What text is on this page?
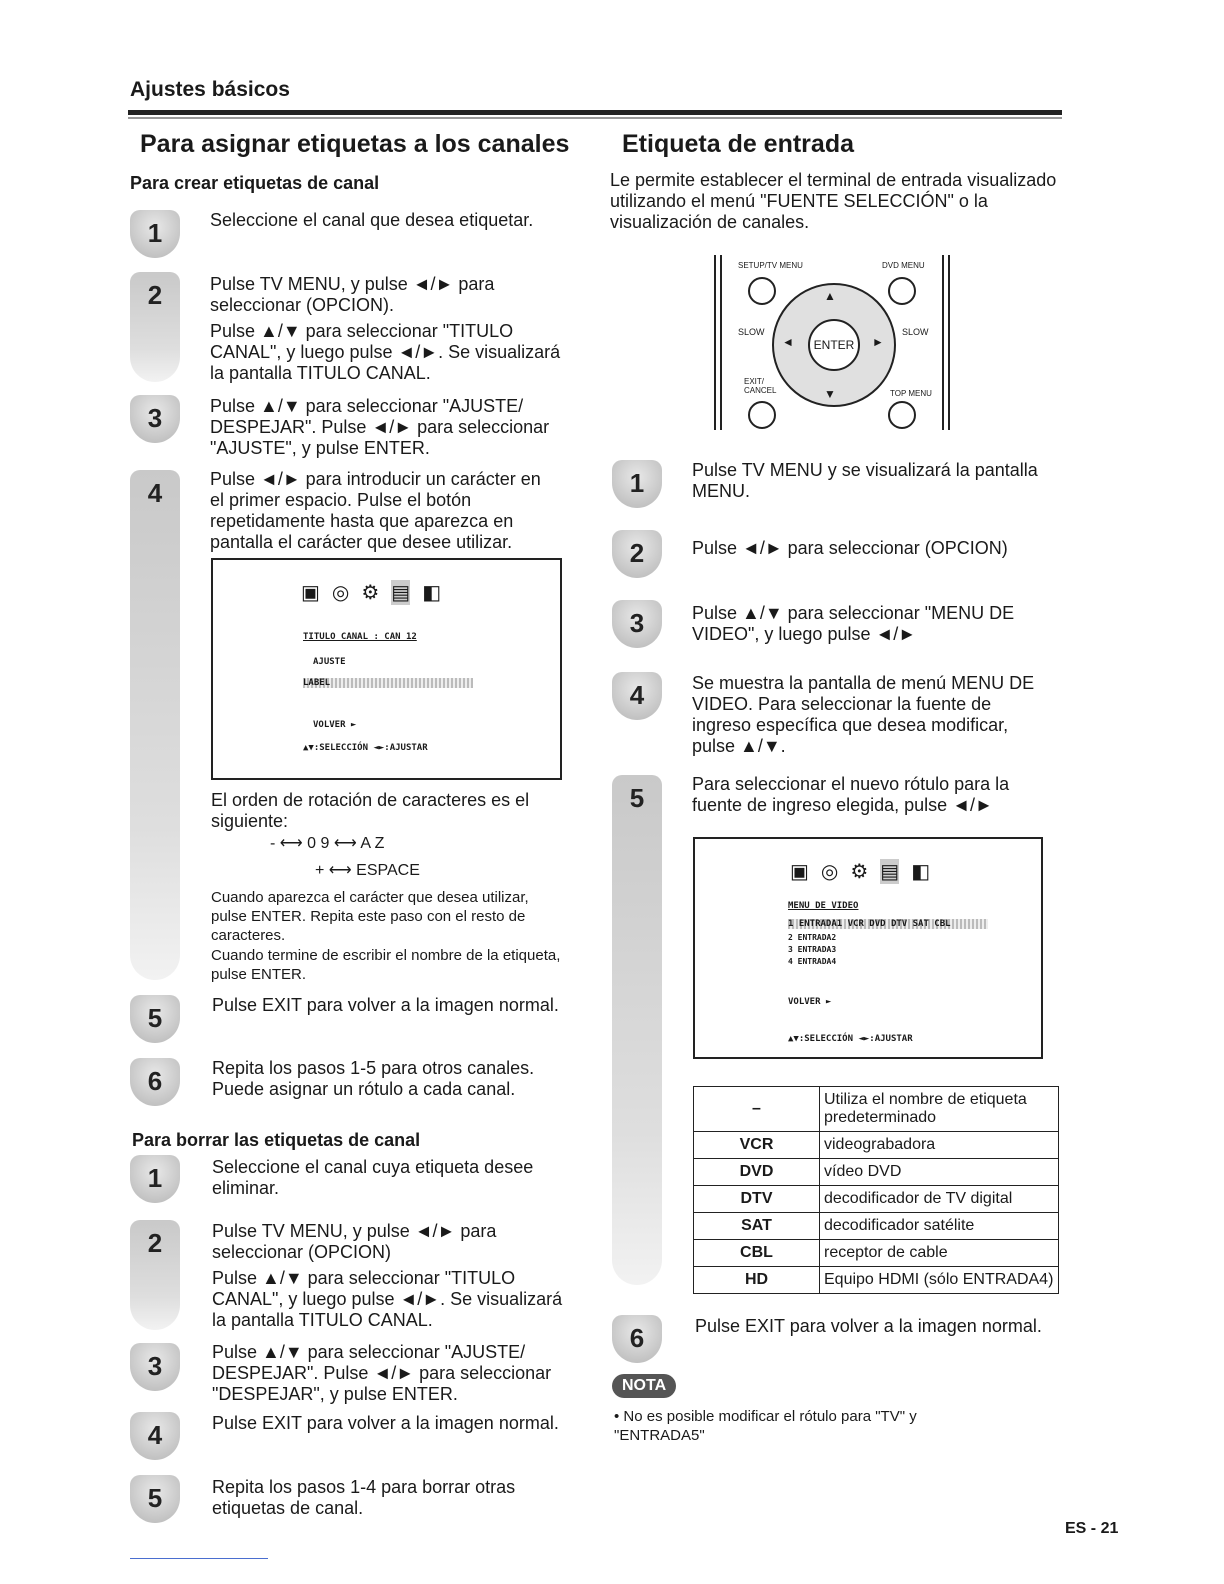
Ajustes básicos
Para asignar etiquetas a los canales
Para crear etiquetas de canal
1	Seleccione el canal que desea etiquetar.
2	Pulse TV MENU, y pulse ◄/► para seleccionar (OPCION).
Pulse ▲/▼ para seleccionar "TITULO CANAL", y luego pulse ◄/►. Se visualizará la pantalla TITULO CANAL.
3	Pulse ▲/▼ para seleccionar "AJUSTE/ DESPEJAR". Pulse ◄/► para seleccionar "AJUSTE", y pulse ENTER.
4	Pulse ◄/► para introducir un carácter en el primer espacio. Pulse el botón repetidamente hasta que aparezca en pantalla el carácter que desee utilizar.
▣ ◎ ⚙ ▤ ◧
TITULO CANAL : CAN 12
AJUSTE
LABEL
VOLVER ►
▲▼:SELECCIÓN ◄►:AJUSTAR
El orden de rotación de caracteres es el siguiente:
- ⟷ 0 9 ⟷ A Z
+ ⟷ ESPACE
Cuando aparezca el carácter que desea utilizar, pulse ENTER. Repita este paso con el resto de caracteres.
Cuando termine de escribir el nombre de la etiqueta, pulse ENTER.
5	Pulse EXIT para volver a la imagen normal.
6	Repita los pasos 1-5 para otros canales. Puede asignar un rótulo a cada canal.
Para borrar las etiquetas de canal
1	Seleccione el canal cuya etiqueta desee eliminar.
2	Pulse TV MENU, y pulse ◄/► para seleccionar (OPCION)
Pulse ▲/▼ para seleccionar "TITULO CANAL", y luego pulse ◄/►. Se visualizará la pantalla TITULO CANAL.
3	Pulse ▲/▼ para seleccionar "AJUSTE/ DESPEJAR". Pulse ◄/► para seleccionar "DESPEJAR", y pulse ENTER.
4	Pulse EXIT para volver a la imagen normal.
5	Repita los pasos 1-4 para borrar otras etiquetas de canal.
Etiqueta de entrada
Le permite establecer el terminal de entrada visualizado utilizando el menú "FUENTE SELECCIÓN" o la visualización de canales.
SETUP/TV MENU	DVD MENU
▲
▼
◄	►
ENTER
SLOW	SLOW
EXIT/ CANCEL	TOP MENU
1	Pulse TV MENU y se visualizará la pantalla MENU.
2	Pulse ◄/► para seleccionar (OPCION)
3	Pulse ▲/▼ para seleccionar "MENU DE VIDEO", y luego pulse ◄/►
4	Se muestra la pantalla de menú MENU DE VIDEO. Para seleccionar la fuente de ingreso específica que desea modificar, pulse ▲/▼.
5	Para seleccionar el nuevo rótulo para la fuente de ingreso elegida, pulse ◄/►
▣ ◎ ⚙ ▤ ◧
MENU DE VIDEO
1 ENTRADA1 VCR DVD DTV SAT CBL
2 ENTRADA2
3 ENTRADA3
4 ENTRADA4
VOLVER ►
▲▼:SELECCIÓN ◄►:AJUSTAR
–	Utiliza el nombre de etiqueta predeterminado
VCR	videograbadora
DVD	vídeo DVD
DTV	decodificador de TV digital
SAT	decodificador satélite
CBL	receptor de cable
HD	Equipo HDMI (sólo ENTRADA4)
6	Pulse EXIT para volver a la imagen normal.
NOTA
• No es posible modificar el rótulo para "TV" y "ENTRADA5"
ES - 21
